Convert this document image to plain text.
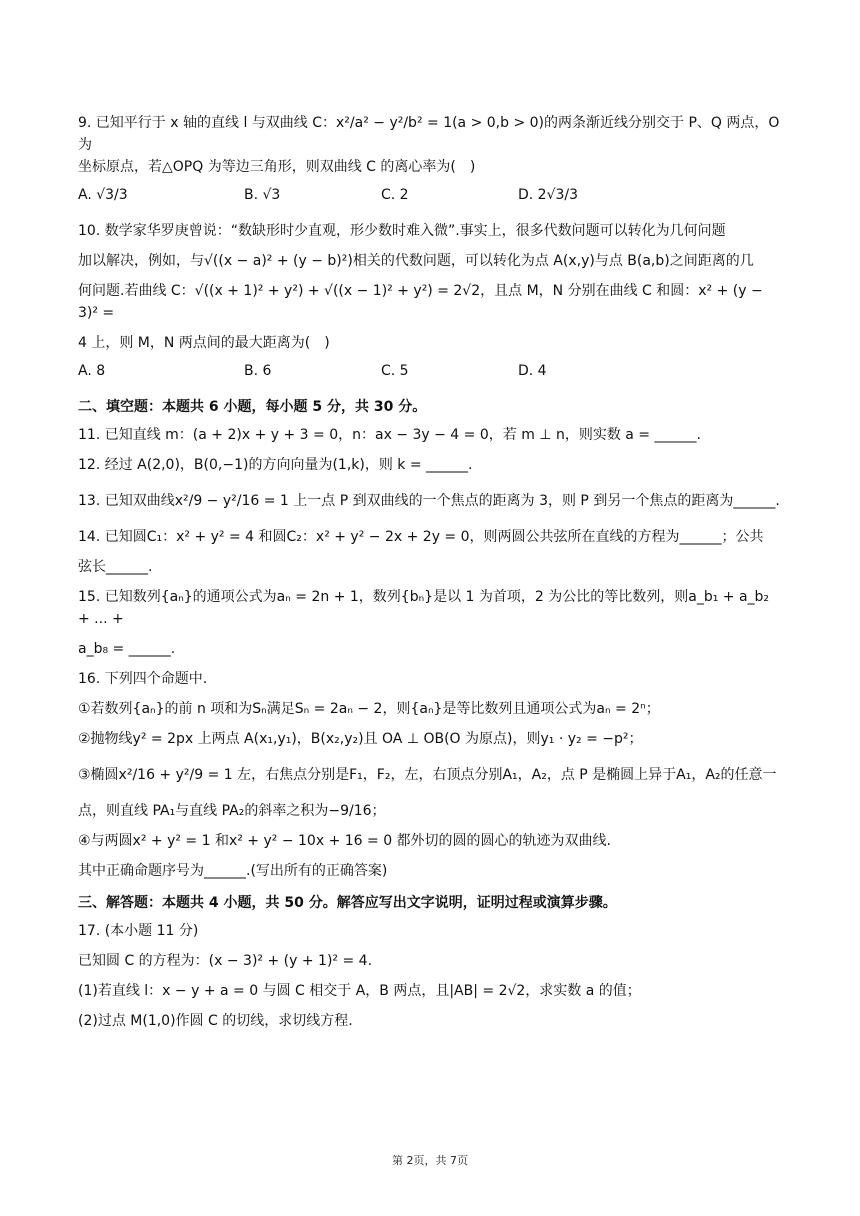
9. 已知平行于 x 轴的直线 l 与双曲线 C：x²/a² − y²/b² = 1(a > 0,b > 0)的两条渐近线分别交于 P、Q 两点，O 为

坐标原点，若△OPQ 为等边三角形，则双曲线 C 的离心率为(　)

A. √3/3	B. √3	C. 2	D. 2√3/3

10. 数学家华罗庚曾说：“数缺形时少直观，形少数时难入微”.事实上，很多代数问题可以转化为几何问题

加以解决，例如，与√((x − a)² + (y − b)²)相关的代数问题，可以转化为点 A(x,y)与点 B(a,b)之间距离的几

何问题.若曲线 C：√((x + 1)² + y²) + √((x − 1)² + y²) = 2√2，且点 M，N 分别在曲线 C 和圆：x² + (y − 3)² =

4 上，则 M，N 两点间的最大距离为(　)

A. 8	B. 6	C. 5	D. 4

二、填空题：本题共 6 小题，每小题 5 分，共 30 分。

11. 已知直线 m：(a + 2)x + y + 3 = 0，n：ax − 3y − 4 = 0，若 m ⊥ n，则实数 a = ______.

12. 经过 A(2,0)，B(0,−1)的方向向量为(1,k)，则 k = ______.

13. 已知双曲线x²/9 − y²/16 = 1 上一点 P 到双曲线的一个焦点的距离为 3，则 P 到另一个焦点的距离为______.

14. 已知圆C₁：x² + y² = 4 和圆C₂：x² + y² − 2x + 2y = 0，则两圆公共弦所在直线的方程为______；公共

弦长______.

15. 已知数列{aₙ}的通项公式为aₙ = 2n + 1，数列{bₙ}是以 1 为首项，2 为公比的等比数列，则a_b₁ + a_b₂ + ... +

a_b₈ = ______.

16. 下列四个命题中.

①若数列{aₙ}的前 n 项和为Sₙ满足Sₙ = 2aₙ − 2，则{aₙ}是等比数列且通项公式为aₙ = 2ⁿ；

②抛物线y² = 2px 上两点 A(x₁,y₁)，B(x₂,y₂)且 OA ⊥ OB(O 为原点)，则y₁ · y₂ = −p²；

③椭圆x²/16 + y²/9 = 1 左，右焦点分别是F₁，F₂，左，右顶点分别A₁，A₂，点 P 是椭圆上异于A₁，A₂的任意一

点，则直线 PA₁与直线 PA₂的斜率之积为−9/16；

④与两圆x² + y² = 1 和x² + y² − 10x + 16 = 0 都外切的圆的圆心的轨迹为双曲线.

其中正确命题序号为______.(写出所有的正确答案)

三、解答题：本题共 4 小题，共 50 分。解答应写出文字说明，证明过程或演算步骤。

17. (本小题 11 分)

已知圆 C 的方程为：(x − 3)² + (y + 1)² = 4.

(1)若直线 l：x − y + a = 0 与圆 C 相交于 A，B 两点，且|AB| = 2√2，求实数 a 的值；

(2)过点 M(1,0)作圆 C 的切线，求切线方程.

第 2页，共 7页
